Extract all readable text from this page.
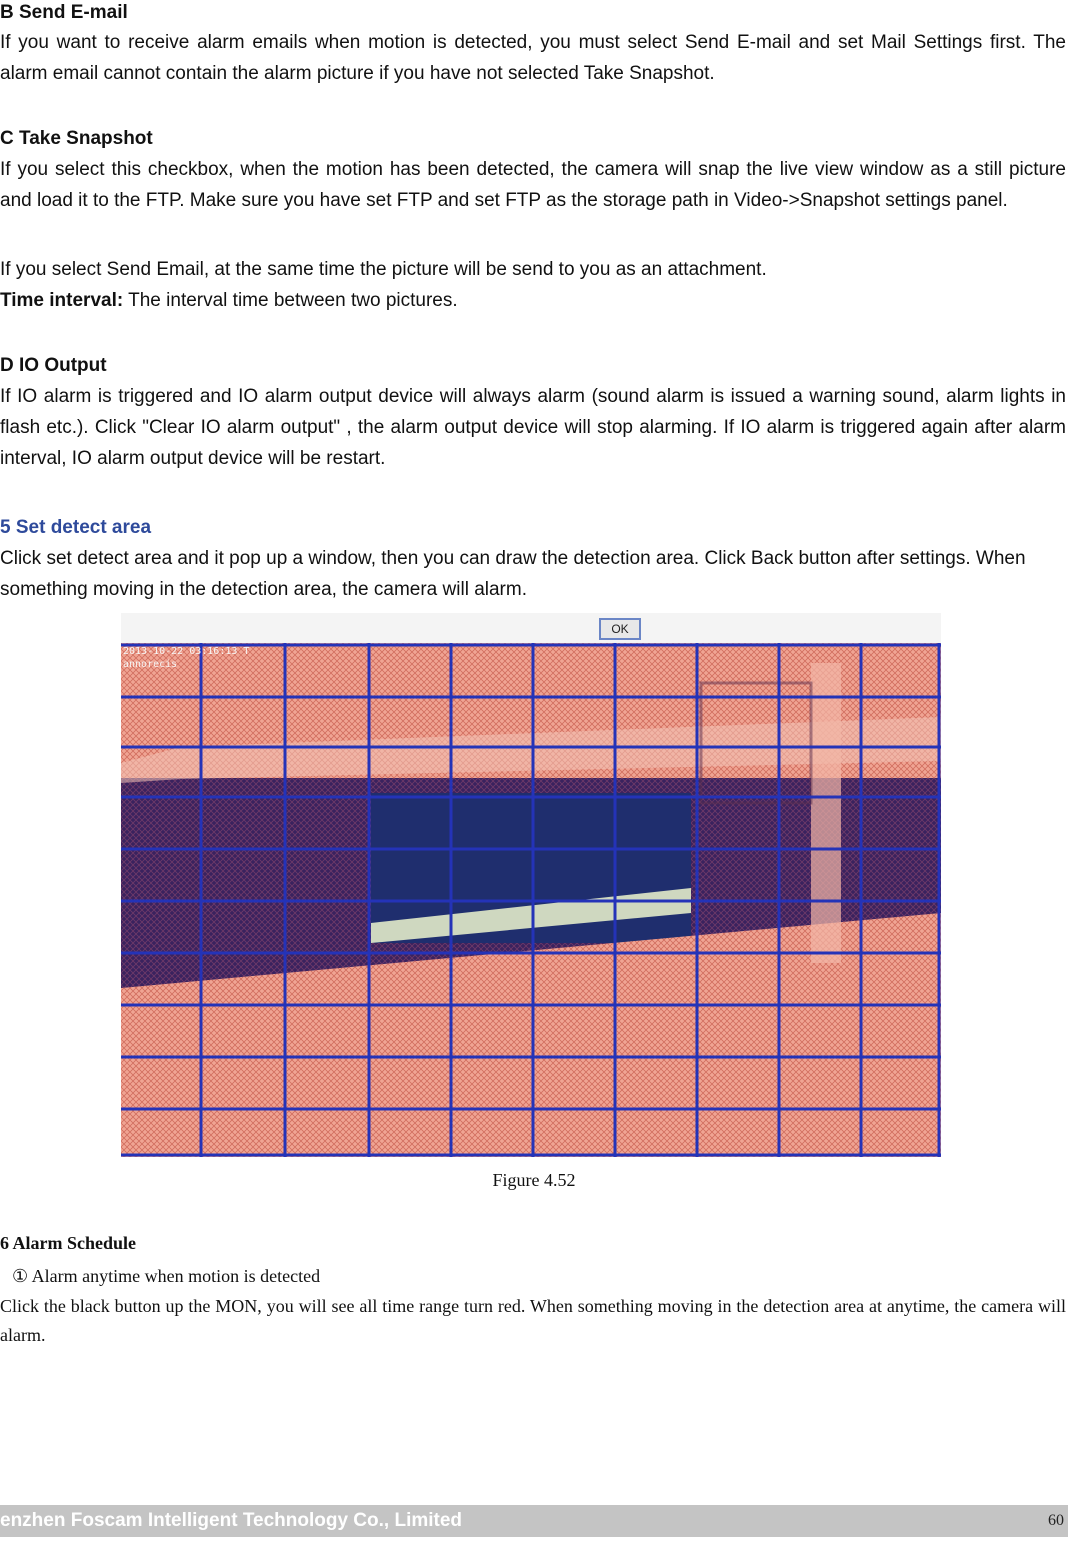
B Send E-mail

If you want to receive alarm emails when motion is detected, you must select Send E-mail and set Mail Settings first. The alarm email cannot contain the alarm picture if you have not selected Take Snapshot.

C Take Snapshot

If you select this checkbox, when the motion has been detected, the camera will snap the live view window as a still picture and load it to the FTP. Make sure you have set FTP and set FTP as the storage path in Video->Snapshot settings panel.

If you select Send Email, at the same time the picture will be send to you as an attachment.

Time interval: The interval time between two pictures.

D IO Output

If IO alarm is triggered and IO alarm output device will always alarm (sound alarm is issued a warning sound, alarm lights in flash etc.). Click "Clear IO alarm output" , the alarm output device will stop alarming. If IO alarm is triggered again after alarm interval, IO alarm output device will be restart.

5 Set detect area

Click set detect area and it pop up a window, then you can draw the detection area. Click Back button after settings. When something moving in the detection area, the camera will alarm.

OK
2013-10-22 03:16:13 T
annorecis
Figure 4.52
6 Alarm Schedule
① Alarm anytime when motion is detected

Click the black button up the MON, you will see all time range turn red. When something moving in the detection area at anytime, the camera will alarm.

enzhen Foscam Intelligent Technology Co., Limited	60
